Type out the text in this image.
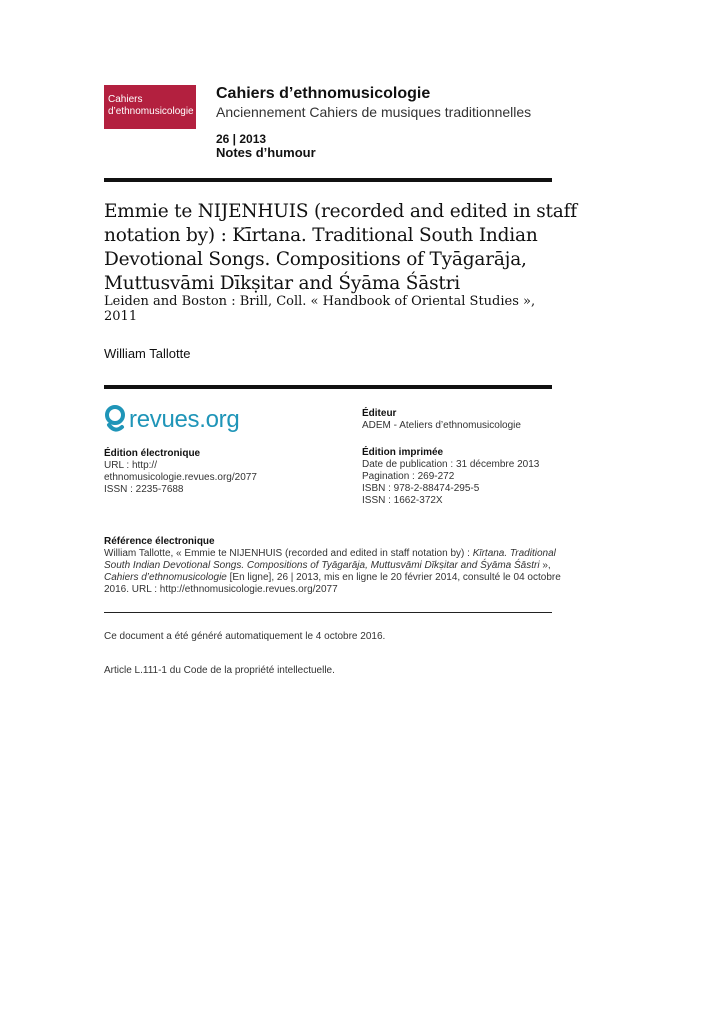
Cahiers
d’ethnomusicologie
Cahiers d’ethnomusicologie
Anciennement Cahiers de musiques traditionnelles
26 | 2013
Notes d’humour
Emmie te NIJENHUIS (recorded and edited in staff
notation by) : Kīrtana. Traditional South Indian
Devotional Songs. Compositions of Tyāgarāja,
Muttusvāmi Dīkṣitar and Śyāma Śāstri
Leiden and Boston : Brill, Coll. « Handbook of Oriental Studies », 2011
William Tallotte
revues.org
Édition électronique
URL : http://
ethnomusicologie.revues.org/2077
ISSN : 2235-7688
Éditeur
ADEM - Ateliers d’ethnomusicologie
Édition imprimée
Date de publication : 31 décembre 2013
Pagination : 269-272
ISBN : 978-2-88474-295-5
ISSN : 1662-372X
Référence électronique
William Tallotte, « Emmie te NIJENHUIS (recorded and edited in staff notation by) : Kīrtana. Traditional
South Indian Devotional Songs. Compositions of Tyāgarāja, Muttusvāmi Dīkṣitar and Śyāma Śāstri »,
Cahiers d’ethnomusicologie [En ligne], 26 | 2013, mis en ligne le 20 février 2014, consulté le 04 octobre
2016. URL : http://ethnomusicologie.revues.org/2077
Ce document a été généré automatiquement le 4 octobre 2016.
Article L.111-1 du Code de la propriété intellectuelle.
